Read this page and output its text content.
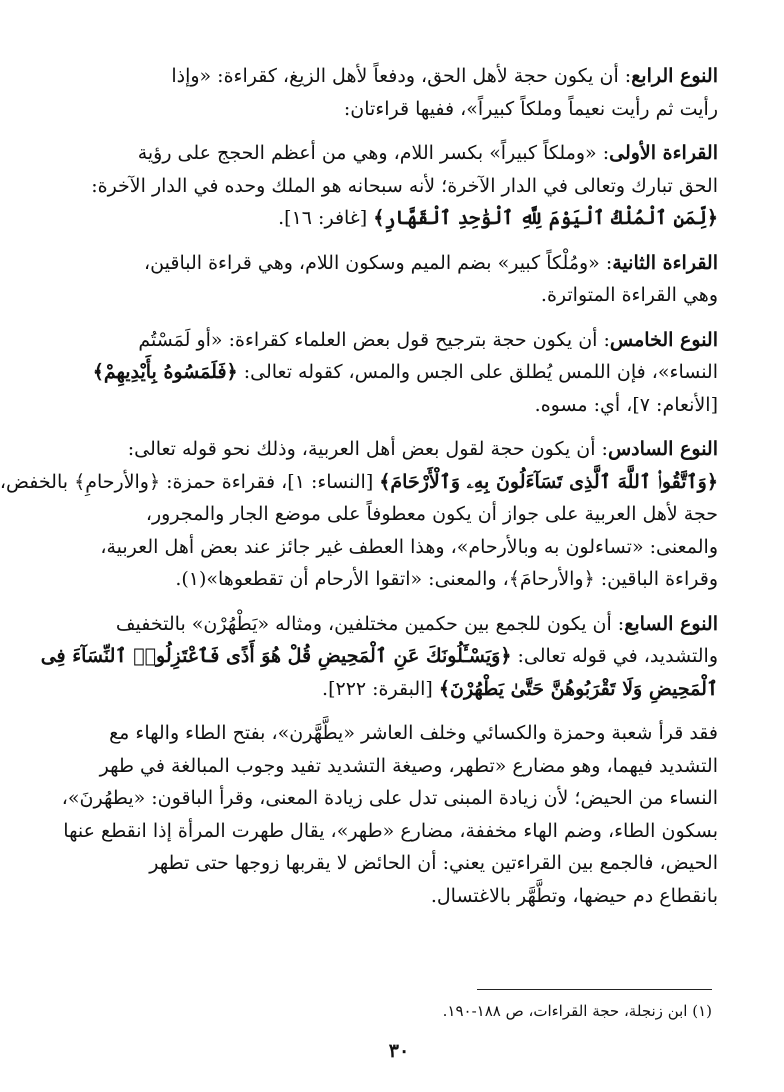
النوع الرابع: أن يكون حجة لأهل الحق، ودفعاً لأهل الزيغ، كقراءة: «وإذا
رأيت ثم رأيت نعيماً وملكاً كبيراً»، ففيها قراءتان:

القراءة الأولى: «وملكاً كبيراً» بكسر اللام، وهي من أعظم الحجج على رؤية
الحق تبارك وتعالى في الدار الآخرة؛ لأنه سبحانه هو الملك وحده في الدار الآخرة:
﴿لِّمَنِ ٱلْمُلْكُ ٱلْيَوْمَ لِلَّهِ ٱلْوَٰحِدِ ٱلْقَهَّارِ﴾ [غافر: ١٦].

القراءة الثانية: «ومُلْكاً كبير» بضم الميم وسكون اللام، وهي قراءة الباقين،
وهي القراءة المتواترة.

النوع الخامس: أن يكون حجة بترجيح قول بعض العلماء كقراءة: «أو لَمَسْتُم
النساء»، فإن اللمس يُطلق على الجس والمس، كقوله تعالى: ﴿فَلَمَسُوهُ بِأَيْدِيهِمْ﴾
[الأنعام: ٧]، أي: مسوه.

النوع السادس: أن يكون حجة لقول بعض أهل العربية، وذلك نحو قوله تعالى:
﴿وَٱتَّقُوا۟ ٱللَّهَ ٱلَّذِى تَسَآءَلُونَ بِهِۦ وَٱلْأَرْحَامَ﴾ [النساء: ١]، فقراءة حمزة: ﴿والأرحامِ﴾ بالخفض،
حجة لأهل العربية على جواز أن يكون معطوفاً على موضع الجار والمجرور،
والمعنى: «تساءلون به وبالأرحام»، وهذا العطف غير جائز عند بعض أهل العربية،
وقراءة الباقين: ﴿والأرحامَ﴾، والمعنى: «اتقوا الأرحام أن تقطعوها»(١).

النوع السابع: أن يكون للجمع بين حكمين مختلفين، ومثاله «يَطْهُرْن» بالتخفيف
والتشديد، في قوله تعالى: ﴿وَيَسْـَٔلُونَكَ عَنِ ٱلْمَحِيضِ قُلْ هُوَ أَذًى فَٱعْتَزِلُوا۟ ٱلنِّسَآءَ فِى
ٱلْمَحِيضِ وَلَا تَقْرَبُوهُنَّ حَتَّىٰ يَطْهُرْنَ﴾ [البقرة: ٢٢٢].

فقد قرأ شعبة وحمزة والكسائي وخلف العاشر «يطَّهَّرن»، بفتح الطاء والهاء مع
التشديد فيهما، وهو مضارع «تطهر، وصيغة التشديد تفيد وجوب المبالغة في طهر
النساء من الحيض؛ لأن زيادة المبنى تدل على زيادة المعنى، وقرأ الباقون: «يطهُرنَ»،
بسكون الطاء، وضم الهاء مخففة، مضارع «طهر»، يقال طهرت المرأة إذا انقطع عنها
الحيض، فالجمع بين القراءتين يعني: أن الحائض لا يقربها زوجها حتى تطهر
بانقطاع دم حيضها، وتطَّهَّر بالاغتسال.

(١) ابن زنجلة، حجة القراءات، ص ١٨٨-١٩٠.
٣٠
